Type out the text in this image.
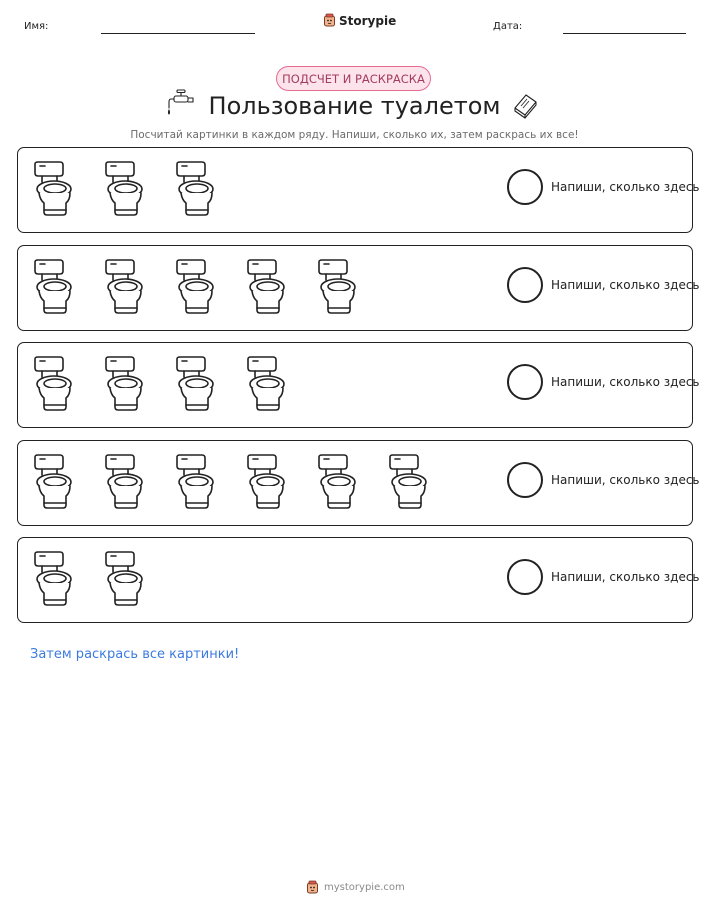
Имя:	Storypie	Дата:
ПОДСЧЕТ И РАСКРАСКА
Пользование туалетом
Посчитай картинки в каждом ряду. Напиши, сколько их, затем раскрась их все!
Напиши, сколько здесь
Напиши, сколько здесь
Напиши, сколько здесь
Напиши, сколько здесь
Напиши, сколько здесь
Затем раскрась все картинки!
mystorypie.com
